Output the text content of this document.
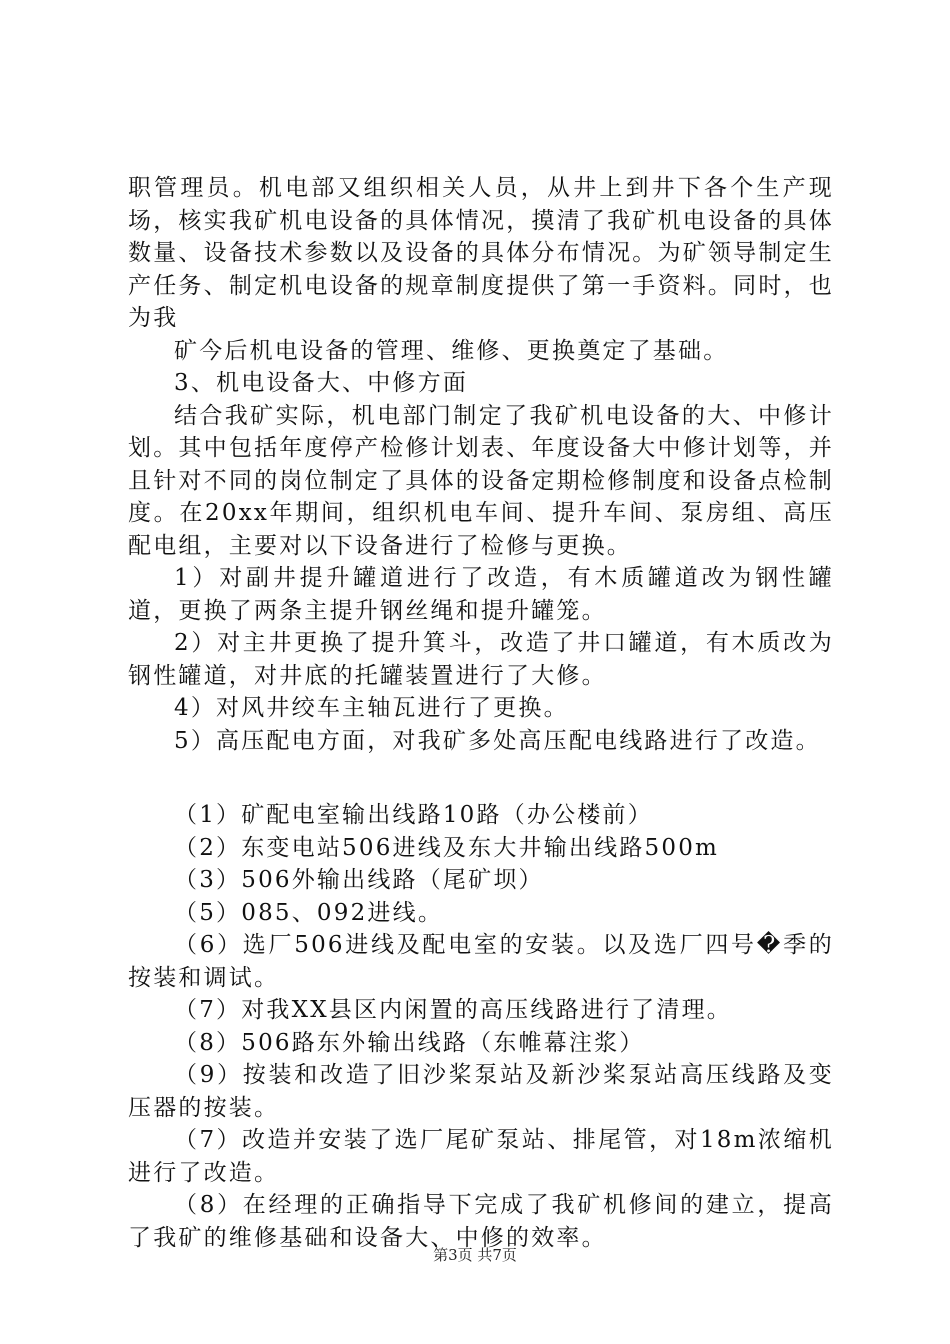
职管理员。机电部又组织相关人员，从井上到井下各个生产现场，核实我矿机电设备的具体情况，摸清了我矿机电设备的具体数量、设备技术参数以及设备的具体分布情况。为矿领导制定生产任务、制定机电设备的规章制度提供了第一手资料。同时，也为我

矿今后机电设备的管理、维修、更换奠定了基础。

3、机电设备大、中修方面

结合我矿实际，机电部门制定了我矿机电设备的大、中修计划。其中包括年度停产检修计划表、年度设备大中修计划等，并且针对不同的岗位制定了具体的设备定期检修制度和设备点检制度。在20xx年期间，组织机电车间、提升车间、泵房组、高压配电组，主要对以下设备进行了检修与更换。

1）对副井提升罐道进行了改造，有木质罐道改为钢性罐道，更换了两条主提升钢丝绳和提升罐笼。

2）对主井更换了提升箕斗，改造了井口罐道，有木质改为钢性罐道，对井底的托罐装置进行了大修。

4）对风井绞车主轴瓦进行了更换。

5）高压配电方面，对我矿多处高压配电线路进行了改造。

（1）矿配电室输出线路10路（办公楼前）

（2）东变电站506进线及东大井输出线路500m

（3）506外输出线路（尾矿坝）

（5）085、092进线。

（6）选厂506进线及配电室的安装。以及选厂四号�季的按装和调试。

（7）对我XX县区内闲置的高压线路进行了清理。

（8）506路东外输出线路（东帷幕注浆）

（9）按装和改造了旧沙桨泵站及新沙桨泵站高压线路及变压器的按装。

（7）改造并安装了选厂尾矿泵站、排尾管，对18m浓缩机进行了改造。

（8）在经理的正确指导下完成了我矿机修间的建立，提高了我矿的维修基础和设备大、中修的效率。

第3页 共7页
